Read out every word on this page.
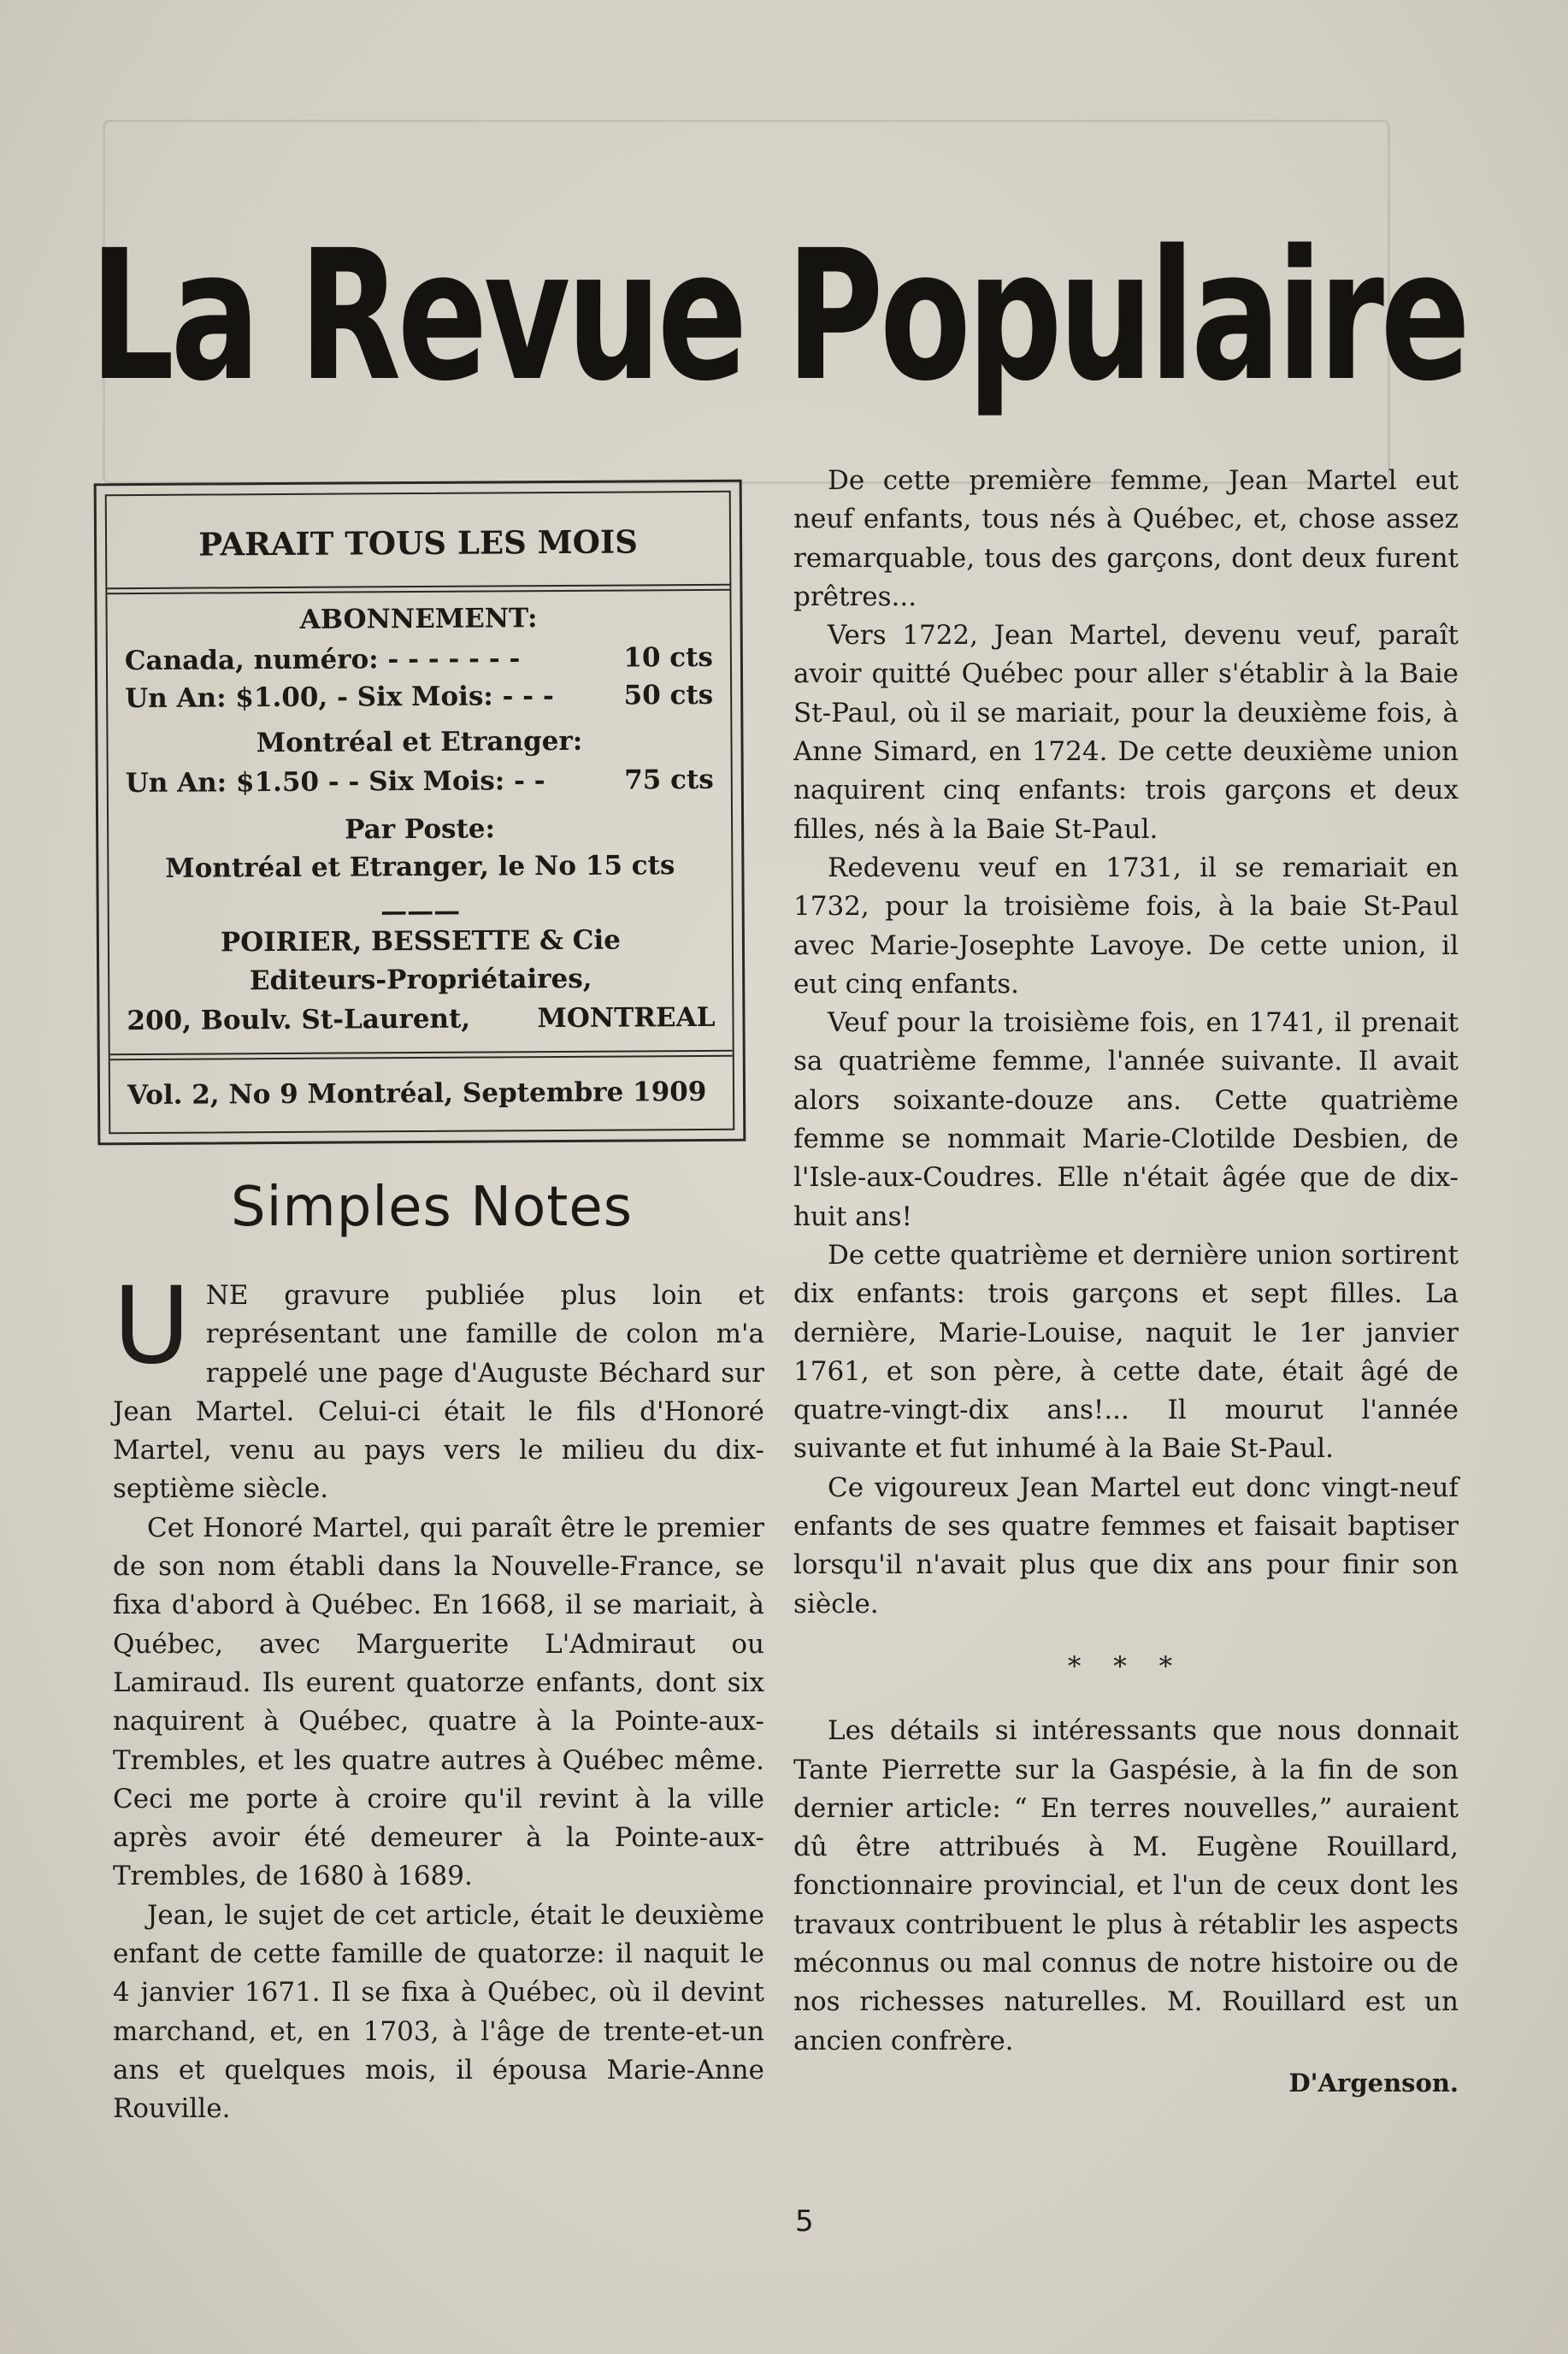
La Revue Populaire
PARAIT TOUS LES MOIS
ABONNEMENT:
Canada, numéro: - - - - - - -	10 cts
Un An: $1.00, - Six Mois: - - -	50 cts
Montréal et Etranger:
Un An: $1.50 - - Six Mois: - -	75 cts
Par Poste:
Montréal et Etranger, le No 15 cts
———
POIRIER, BESSETTE & Cie
Editeurs-Propriétaires,
200, Boulv. St-Laurent,	MONTREAL
Vol. 2, No 9 Montréal, Septembre 1909
Simples Notes

UNE gravure publiée plus loin et représentant une famille de colon m'a rappelé une page d'Auguste Béchard sur Jean Martel. Celui-ci était le fils d'Honoré Martel, venu au pays vers le milieu du dix-septième siècle.

Cet Honoré Martel, qui paraît être le premier de son nom établi dans la Nouvelle-France, se fixa d'abord à Québec. En 1668, il se mariait, à Québec, avec Marguerite L'Admiraut ou Lamiraud. Ils eurent quatorze enfants, dont six naquirent à Québec, quatre à la Pointe-aux-Trembles, et les quatre autres à Québec même. Ceci me porte à croire qu'il revint à la ville après avoir été demeurer à la Pointe-aux-Trembles, de 1680 à 1689.

Jean, le sujet de cet article, était le deuxième enfant de cette famille de quatorze: il naquit le 4 janvier 1671. Il se fixa à Québec, où il devint marchand, et, en 1703, à l'âge de trente-et-un ans et quelques mois, il épousa Marie-Anne Rouville.

De cette première femme, Jean Martel eut neuf enfants, tous nés à Québec, et, chose assez remarquable, tous des garçons, dont deux furent prêtres...

Vers 1722, Jean Martel, devenu veuf, paraît avoir quitté Québec pour aller s'établir à la Baie St-Paul, où il se mariait, pour la deuxième fois, à Anne Simard, en 1724. De cette deuxième union naquirent cinq enfants: trois garçons et deux filles, nés à la Baie St-Paul.

Redevenu veuf en 1731, il se remariait en 1732, pour la troisième fois, à la baie St-Paul avec Marie-Josephte Lavoye. De cette union, il eut cinq enfants.

Veuf pour la troisième fois, en 1741, il prenait sa quatrième femme, l'année suivante. Il avait alors soixante-douze ans. Cette quatrième femme se nommait Marie-Clotilde Desbien, de l'Isle-aux-Coudres. Elle n'était âgée que de dix-huit ans!

De cette quatrième et dernière union sortirent dix enfants: trois garçons et sept filles. La dernière, Marie-Louise, naquit le 1er janvier 1761, et son père, à cette date, était âgé de quatre-vingt-dix ans!... Il mourut l'année suivante et fut inhumé à la Baie St-Paul.

Ce vigoureux Jean Martel eut donc vingt-neuf enfants de ses quatre femmes et faisait baptiser lorsqu'il n'avait plus que dix ans pour finir son siècle.

* * *

Les détails si intéressants que nous donnait Tante Pierrette sur la Gaspésie, à la fin de son dernier article: “ En terres nouvelles,” auraient dû être attribués à M. Eugène Rouillard, fonctionnaire provincial, et l'un de ceux dont les travaux contribuent le plus à rétablir les aspects méconnus ou mal connus de notre histoire ou de nos richesses naturelles. M. Rouillard est un ancien confrère.

D'Argenson.
5
